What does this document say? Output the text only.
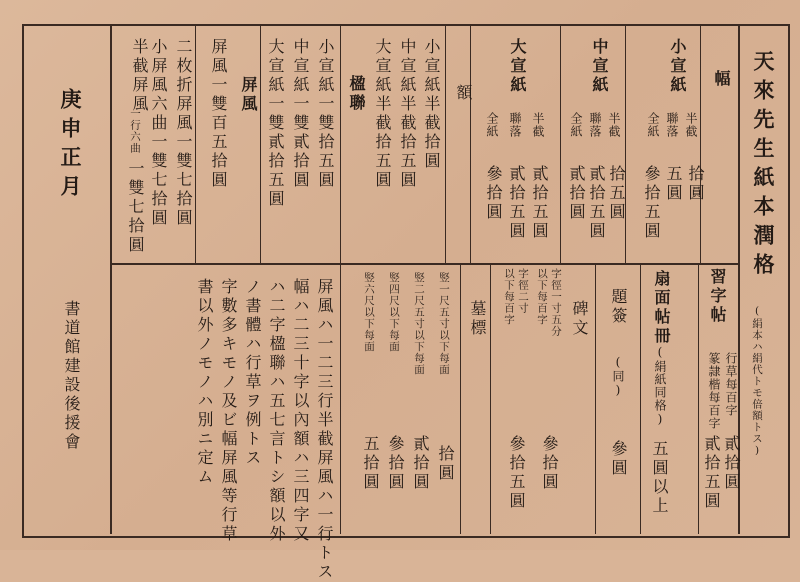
天來先生紙本潤格
(絹本ハ絹代トモ倍額トス)
幅
小宣紙
半截
聯落
全紙
拾圓
五圓
參拾五圓
中宣紙
半截
聯落
全紙
拾五圓
貳拾五圓
貳拾圓
大宣紙
半截
聯落
全紙
貳拾五圓
貳拾五圓
參拾圓
額
楹聯	小宣紙半截拾圓
中宣紙半截拾五圓
大宣紙半截拾五圓
屏風	小宣紙一雙拾五圓
中宣紙一雙貳拾圓
大宣紙一雙貳拾五圓
屏風一雙百五拾圓
二枚折屏風一雙七拾圓
小屏風六曲一雙七拾圓
半截屏風
一行六曲
一雙七拾圓
庚申正月
書道館建設後援會
習字帖
行草每百字
篆隷楷每百字
貳拾圓
貳拾五圓
扇面帖冊
(絹紙同格)
五圓以上
題簽
(同)
參圓
碑文
字徑一寸五分
以下每百字
字徑二寸
以下每百字
參拾圓
參拾五圓
墓標
竪一尺五寸以下每面
竪二尺五寸以下每面
竪四尺以下每面
竪六尺以下每面
拾圓
貳拾圓
參拾圓
五拾圓
屏風ハ一二三行半截屏風ハ一行トス
幅ハ二三十字以內額ハ三四字又
ハ二字楹聯ハ五七言トシ額以外
ノ書體ハ行草ヲ例トス
字數多キモノ及ビ幅屏風等行草
書以外ノモノハ別ニ定ム
